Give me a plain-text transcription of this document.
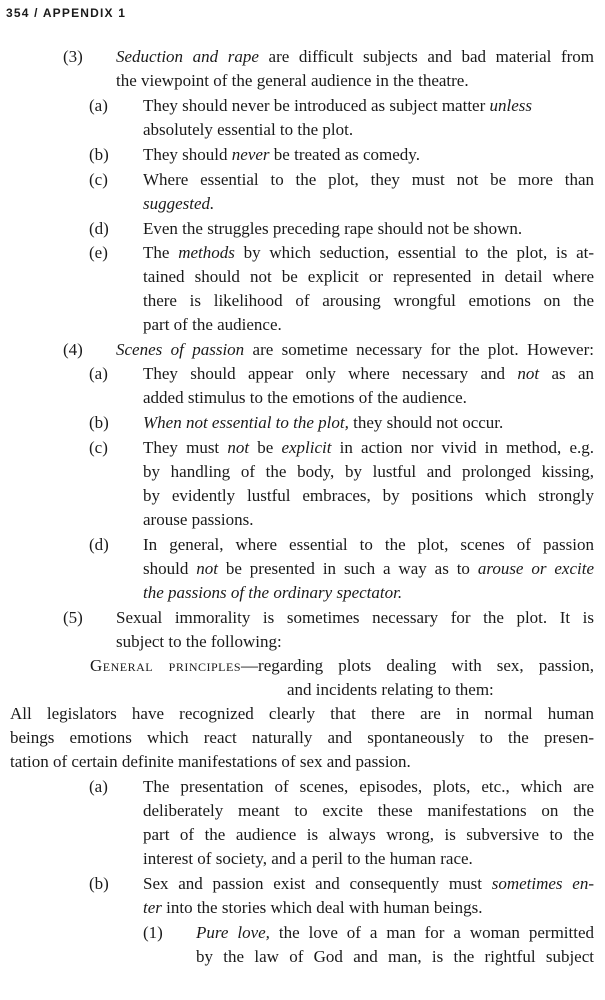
354 / APPENDIX 1
(3) Seduction and rape are difficult subjects and bad material from
the viewpoint of the general audience in the theatre.
(a) They should never be introduced as subject matter unless
absolutely essential to the plot.
(b) They should never be treated as comedy.
(c) Where essential to the plot, they must not be more than
suggested.
(d) Even the struggles preceding rape should not be shown.
(e) The methods by which seduction, essential to the plot, is at-
tained should not be explicit or represented in detail where
there is likelihood of arousing wrongful emotions on the
part of the audience.
(4) Scenes of passion are sometime necessary for the plot. However:
(a) They should appear only where necessary and not as an
added stimulus to the emotions of the audience.
(b) When not essential to the plot, they should not occur.
(c) They must not be explicit in action nor vivid in method, e.g.
by handling of the body, by lustful and prolonged kissing,
by evidently lustful embraces, by positions which strongly
arouse passions.
(d) In general, where essential to the plot, scenes of passion
should not be presented in such a way as to arouse or excite
the passions of the ordinary spectator.
(5) Sexual immorality is sometimes necessary for the plot. It is
subject to the following:
General principles—regarding plots dealing with sex, passion,
and incidents relating to them:
All legislators have recognized clearly that there are in normal human
beings emotions which react naturally and spontaneously to the presen-
tation of certain definite manifestations of sex and passion.
(a) The presentation of scenes, episodes, plots, etc., which are
deliberately meant to excite these manifestations on the
part of the audience is always wrong, is subversive to the
interest of society, and a peril to the human race.
(b) Sex and passion exist and consequently must sometimes en-
ter into the stories which deal with human beings.
(1) Pure love, the love of a man for a woman permitted
by the law of God and man, is the rightful subject
